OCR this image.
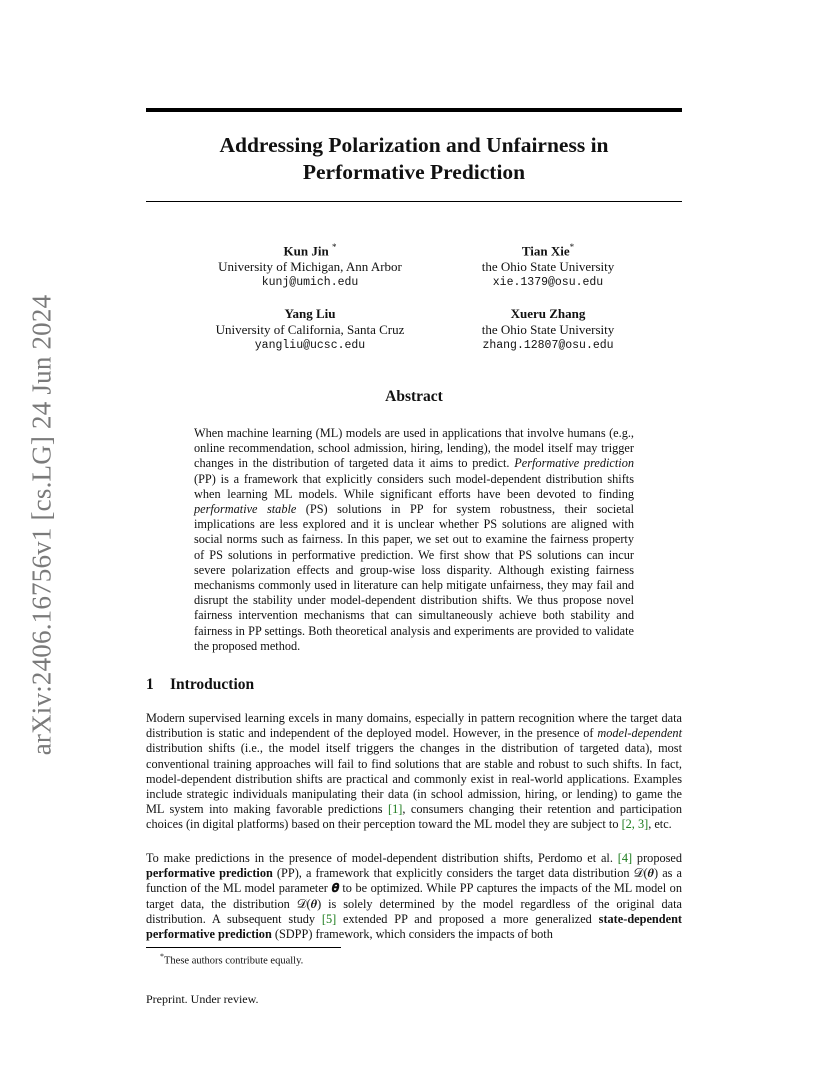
arXiv:2406.16756v1 [cs.LG] 24 Jun 2024
Addressing Polarization and Unfairness in
Performative Prediction
Kun Jin *
University of Michigan, Ann Arbor
kunj@umich.edu
Tian Xie*
the Ohio State University
xie.1379@osu.edu
Yang Liu
University of California, Santa Cruz
yangliu@ucsc.edu
Xueru Zhang
the Ohio State University
zhang.12807@osu.edu
Abstract
When machine learning (ML) models are used in applications that involve humans (e.g., online recommendation, school admission, hiring, lending), the model itself may trigger changes in the distribution of targeted data it aims to predict. Performative prediction (PP) is a framework that explicitly considers such model-dependent distribution shifts when learning ML models. While significant efforts have been devoted to finding performative stable (PS) solutions in PP for system robustness, their societal implications are less explored and it is unclear whether PS solutions are aligned with social norms such as fairness. In this paper, we set out to examine the fairness property of PS solutions in performative prediction. We first show that PS solutions can incur severe polarization effects and group-wise loss disparity. Although existing fairness mechanisms commonly used in literature can help mitigate unfairness, they may fail and disrupt the stability under model-dependent distribution shifts. We thus propose novel fairness intervention mechanisms that can simultaneously achieve both stability and fairness in PP settings. Both theoretical analysis and experiments are provided to validate the proposed method.
1 Introduction
Modern supervised learning excels in many domains, especially in pattern recognition where the target data distribution is static and independent of the deployed model. However, in the presence of model-dependent distribution shifts (i.e., the model itself triggers the changes in the distribution of targeted data), most conventional training approaches will fail to find solutions that are stable and robust to such shifts. In fact, model-dependent distribution shifts are practical and commonly exist in real-world applications. Examples include strategic individuals manipulating their data (in school admission, hiring, or lending) to game the ML system into making favorable predictions [1], consumers changing their retention and participation choices (in digital platforms) based on their perception toward the ML model they are subject to [2, 3], etc.
To make predictions in the presence of model-dependent distribution shifts, Perdomo et al. [4] proposed performative prediction (PP), a framework that explicitly considers the target data distribution 𝒟(𝜽) as a function of the ML model parameter 𝜽 to be optimized. While PP captures the impacts of the ML model on target data, the distribution 𝒟(𝜽) is solely determined by the model regardless of the original data distribution. A subsequent study [5] extended PP and proposed a more generalized state-dependent performative prediction (SDPP) framework, which considers the impacts of both
*These authors contribute equally.
Preprint. Under review.
